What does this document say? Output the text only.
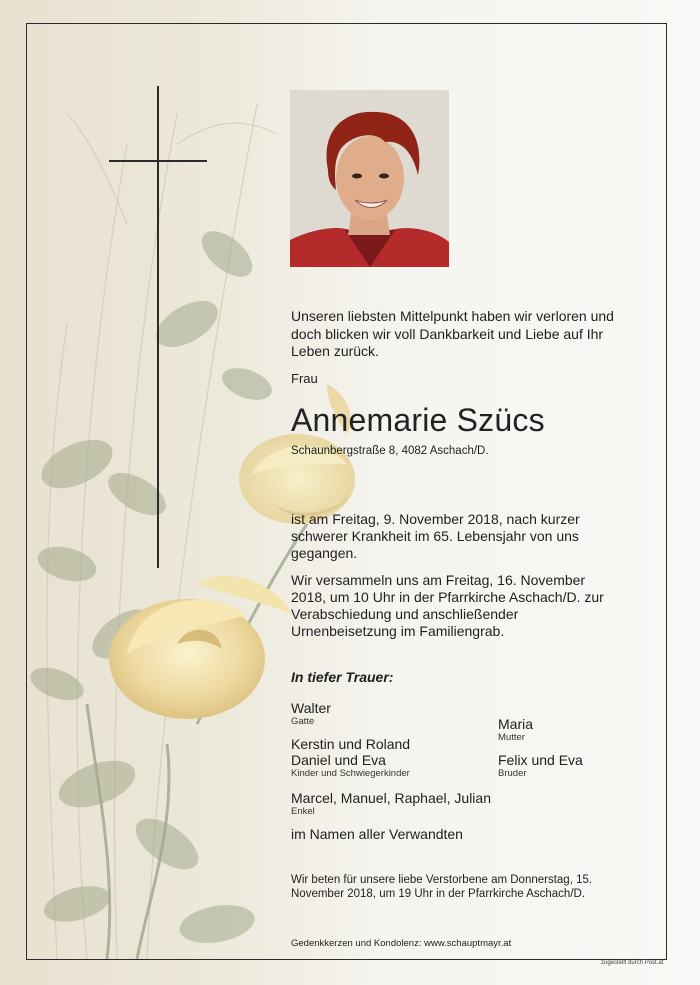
Unseren liebsten Mittelpunkt haben wir verloren und doch blicken wir voll Dankbarkeit und Liebe auf Ihr Leben zurück.
Frau
Annemarie Szücs
Schaunbergstraße 8, 4082 Aschach/D.
ist am Freitag, 9. November 2018, nach kurzer schwerer Krankheit im 65. Lebensjahr von uns gegangen.
Wir versammeln uns am Freitag, 16. November 2018, um 10 Uhr in der Pfarrkirche Aschach/D. zur Verabschiedung und anschließender Urnenbeisetzung im Familiengrab.
In tiefer Trauer:
Walter
Gatte
Kerstin und Roland
Daniel und Eva
Kinder und Schwiegerkinder
Marcel, Manuel, Raphael, Julian
Enkel
Maria
Mutter
Felix und Eva
Bruder
im Namen aller Verwandten
Wir beten für unsere liebe Verstorbene am Donnerstag, 15. November 2018, um 19 Uhr in der Pfarrkirche Aschach/D.
Gedenkkerzen und Kondolenz: www.schauptmayr.at
zugestellt durch Post.at
